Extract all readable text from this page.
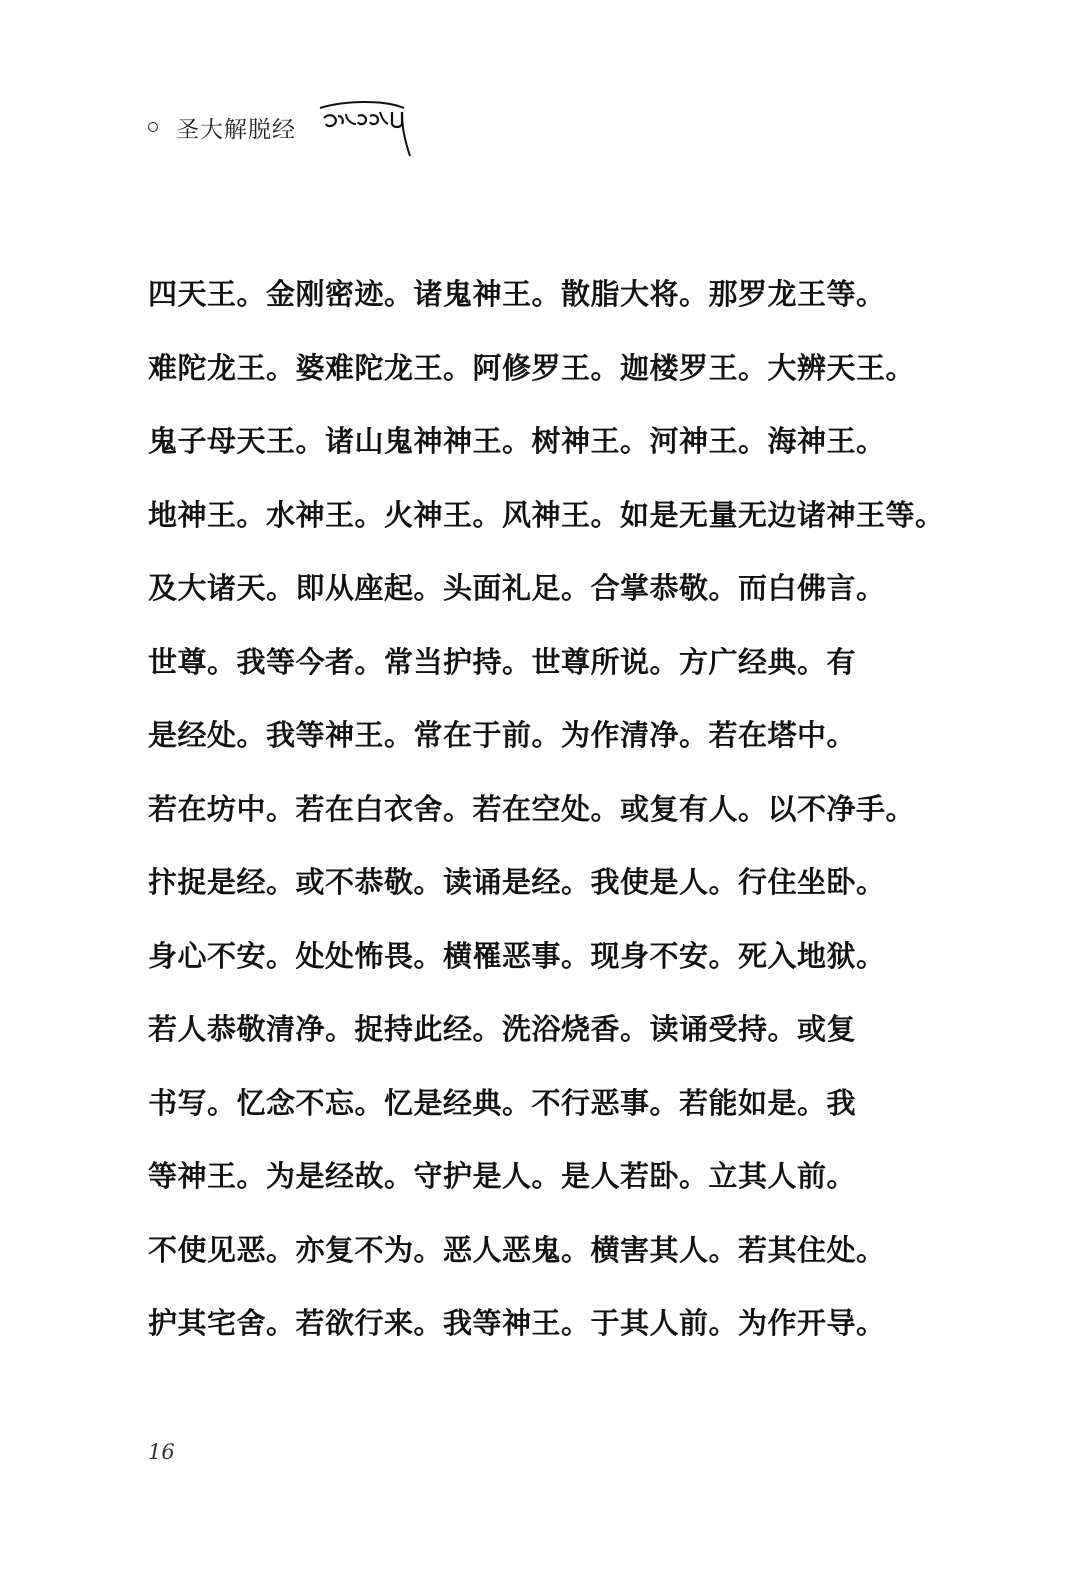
圣大解脱经
四天王。金刚密迹。诸鬼神王。散脂大将。那罗龙王等。
难陀龙王。婆难陀龙王。阿修罗王。迦楼罗王。大辨天王。
鬼子母天王。诸山鬼神神王。树神王。河神王。海神王。
地神王。水神王。火神王。风神王。如是无量无边诸神王等。
及大诸天。即从座起。头面礼足。合掌恭敬。而白佛言。
世尊。我等今者。常当护持。世尊所说。方广经典。有
是经处。我等神王。常在于前。为作清净。若在塔中。
若在坊中。若在白衣舍。若在空处。或复有人。以不净手。
抃捉是经。或不恭敬。读诵是经。我使是人。行住坐卧。
身心不安。处处怖畏。横罹恶事。现身不安。死入地狱。
若人恭敬清净。捉持此经。洗浴烧香。读诵受持。或复
书写。忆念不忘。忆是经典。不行恶事。若能如是。我
等神王。为是经故。守护是人。是人若卧。立其人前。
不使见恶。亦复不为。恶人恶鬼。横害其人。若其住处。
护其宅舍。若欲行来。我等神王。于其人前。为作开导。
16
